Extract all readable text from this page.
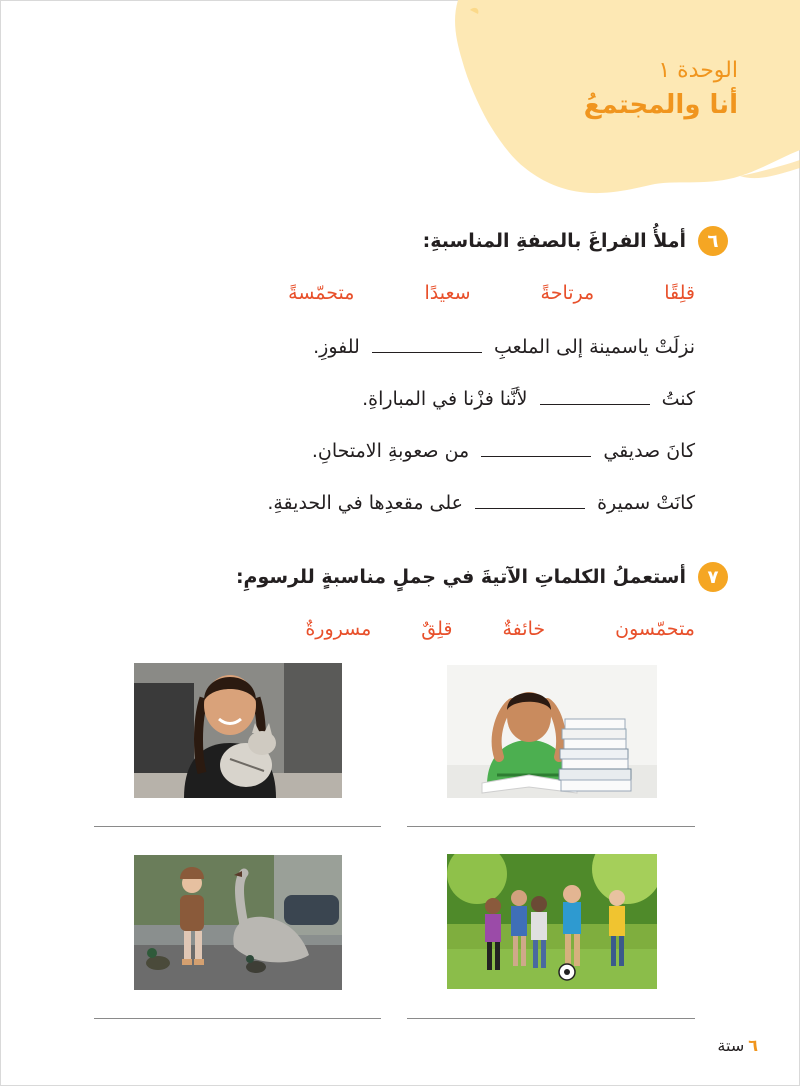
الوحدة ١
أنا والمجتمعُ
٦
أملأُ الفراغَ بالصفةِ المناسبةِ:
قلِقًا
مرتاحةً
سعيدًا
متحمّسةً
نزلَتْ ياسمينة إلى الملعبِ  للفوزِ.
كنتُ  لأنَّنا فزْنا في المباراةِ.
كانَ صديقي  من صعوبةِ الامتحانِ.
كانَتْ سميرة  على مقعدِها في الحديقةِ.
٧
أستعملُ الكلماتِ الآتيةَ في جملٍ مناسبةٍ للرسومِ:
متحمّسون
خائفةٌ
قلِقٌ
مسرورةٌ
٦
ستة
